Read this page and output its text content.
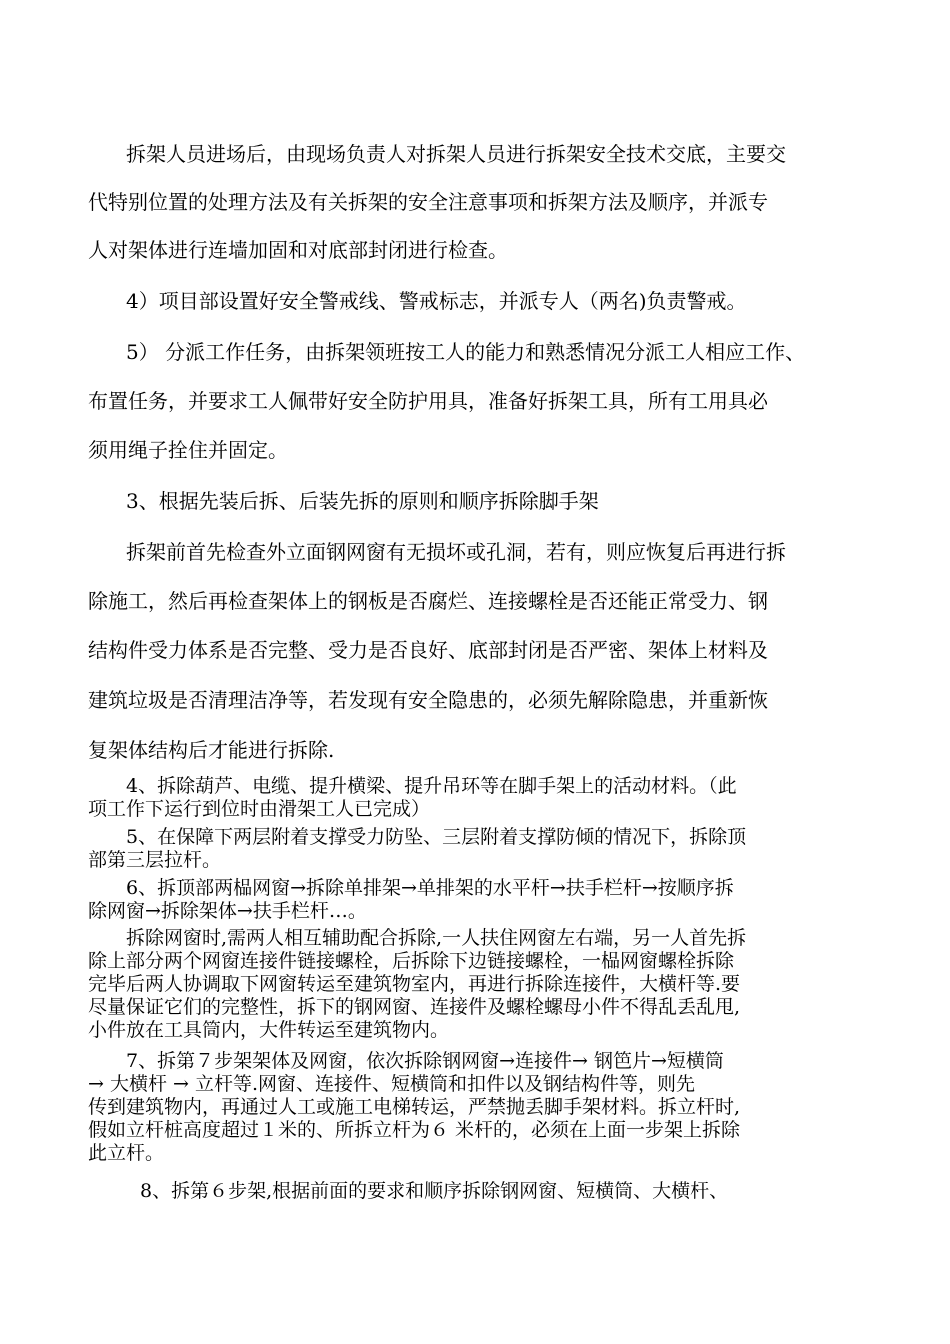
拆架人员进场后，由现场负责人对拆架人员进行拆架安全技术交底，主要交
代特别位置的处理方法及有关拆架的安全注意事项和拆架方法及顺序，并派专
人对架体进行连墙加固和对底部封闭进行检查。
4）项目部设置好安全警戒线、警戒标志，并派专人（两名)负责警戒。
5） 分派工作任务，由拆架领班按工人的能力和熟悉情况分派工人相应工作、
布置任务，并要求工人佩带好安全防护用具，准备好拆架工具，所有工用具必
须用绳子拴住并固定。
3、根据先装后拆、后装先拆的原则和顺序拆除脚手架
拆架前首先检查外立面钢网窗有无损坏或孔洞，若有，则应恢复后再进行拆
除施工，然后再检查架体上的钢板是否腐烂、连接螺栓是否还能正常受力、钢
结构件受力体系是否完整、受力是否良好、底部封闭是否严密、架体上材料及
建筑垃圾是否清理洁净等，若发现有安全隐患的，必须先解除隐患，并重新恢
复架体结构后才能进行拆除.
4、拆除葫芦、电缆、提升横梁、提升吊环等在脚手架上的活动材料。（此
项工作下运行到位时由滑架工人已完成）
5、在保障下两层附着支撑受力防坠、三层附着支撑防倾的情况下，拆除顶
部第三层拉杆。
6、拆顶部两榀网窗→拆除单排架→单排架的水平杆→扶手栏杆→按顺序拆
除网窗→拆除架体→扶手栏杆…。
拆除网窗时,需两人相互辅助配合拆除,一人扶住网窗左右端，另一人首先拆
除上部分两个网窗连接件链接螺栓，后拆除下边链接螺栓，一榀网窗螺栓拆除
完毕后两人协调取下网窗转运至建筑物室内，再进行拆除连接件，大横杆等.要
尽量保证它们的完整性，拆下的钢网窗、连接件及螺栓螺母小件不得乱丢乱甩,
小件放在工具筒内，大件转运至建筑物内。
7、拆第７步架架体及网窗，依次拆除钢网窗→连接件→ 钢笆片→短横筒
→ 大横杆 → 立杆等.网窗、连接件、短横筒和扣件以及钢结构件等，则先
传到建筑物内，再通过人工或施工电梯转运，严禁抛丢脚手架材料。拆立杆时,
假如立杆桩高度超过１米的、所拆立杆为６ 米杆的，必须在上面一步架上拆除
此立杆。
8、拆第６步架,根据前面的要求和顺序拆除钢网窗、短横筒、大横杆、
